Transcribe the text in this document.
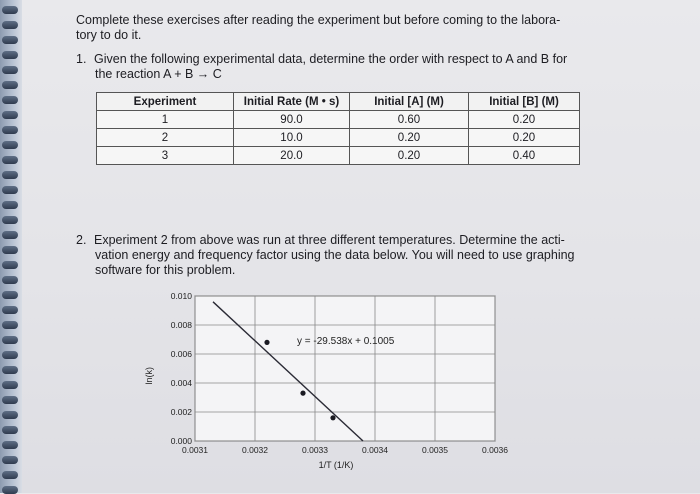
Complete these exercises after reading the experiment but before coming to the labora-
tory to do it.
1. Given the following experimental data, determine the order with respect to A and B for

the reaction A + B → C
Experiment	Initial Rate (M • s)	Initial [A] (M)	Initial [B] (M)
1	90.0	0.60	0.20
2	10.0	0.20	0.20
3	20.0	0.20	0.40
2. Experiment 2 from above was run at three different temperatures. Determine the acti-

vation energy and frequency factor using the data below. You will need to use graphing
software for this problem.
0.0031	0.0032	0.0033	0.0034	0.0035	0.0036
0.000
0.002
0.004
0.006
0.008
0.010
y = -29.538x + 0.1005
1/T (1/K)
ln(k)
